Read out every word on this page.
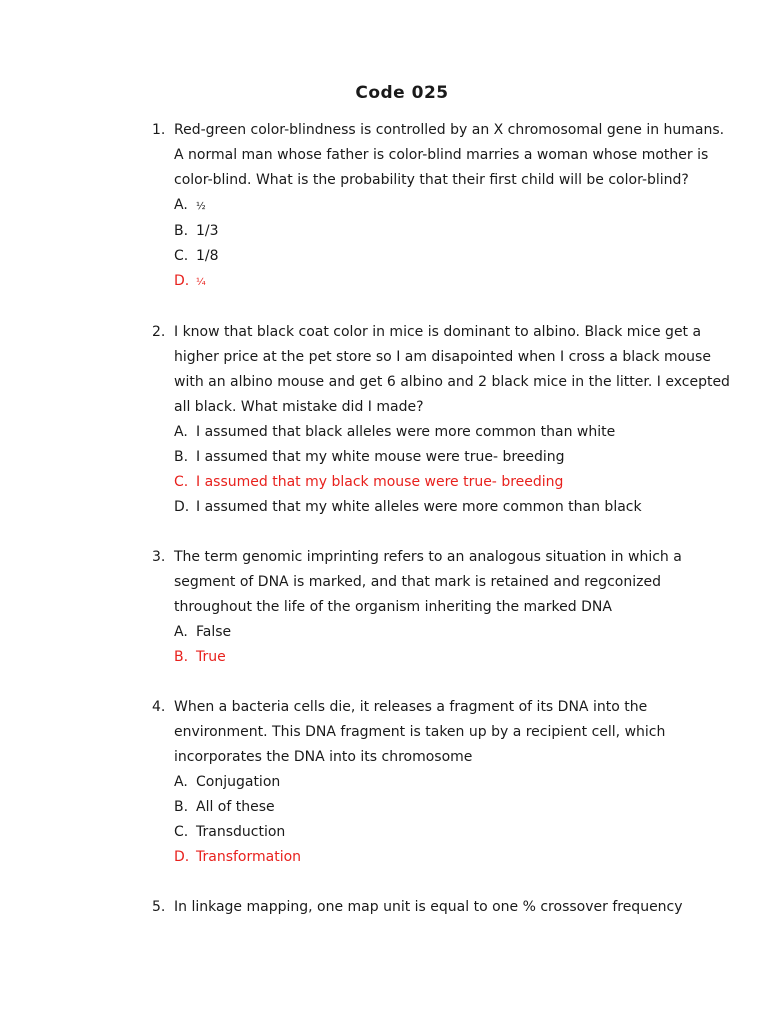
Code 025
1. Red-green color-blindness is controlled by an X chromosomal gene in humans. A normal man whose father is color-blind marries a woman whose mother is color-blind. What is the probability that their first child will be color-blind?
A. ½
B. 1/3
C. 1/8
D. ¼
2. I know that black coat color in mice is dominant to albino. Black mice get a higher price at the pet store so I am disapointed when I cross a black mouse with an albino mouse and get 6 albino and 2 black mice in the litter. I excepted all black. What mistake did I made?
A. I assumed that black alleles were more common than white
B. I assumed that my white mouse were true- breeding
C. I assumed that my black mouse were true- breeding
D. I assumed that my white alleles were more common than black
3. The term genomic imprinting refers to an analogous situation in which a segment of DNA is marked, and that mark is retained and regconized throughout the life of the organism inheriting the marked DNA
A. False
B. True
4. When a bacteria cells die, it releases a fragment of its DNA into the environment. This DNA fragment is taken up by a recipient cell, which incorporates the DNA into its chromosome
A. Conjugation
B. All of these
C. Transduction
D. Transformation
5. In linkage mapping, one map unit is equal to one % crossover frequency
